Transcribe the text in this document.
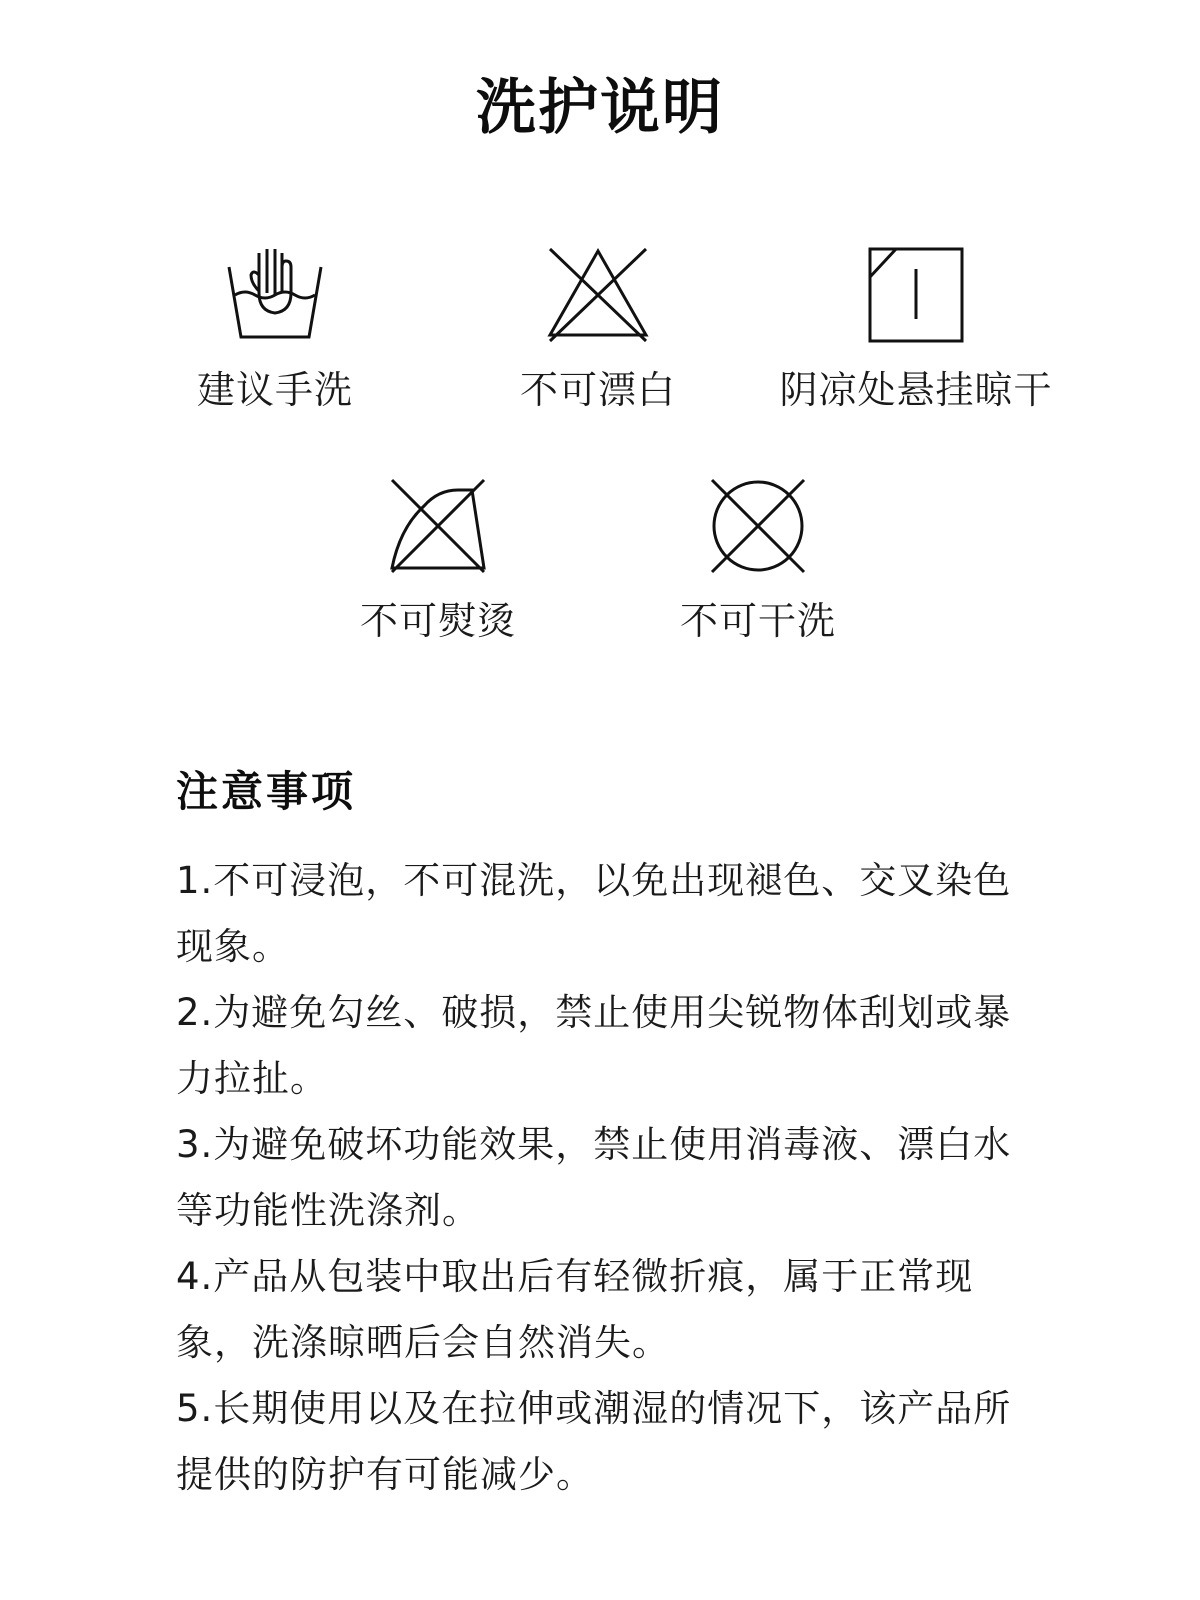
洗护说明
建议手洗	不可漂白	阴凉处悬挂晾干
不可熨烫	不可干洗
注意事项
1.不可浸泡，不可混洗，以免出现褪色、交叉染色现象。
2.为避免勾丝、破损，禁止使用尖锐物体刮划或暴力拉扯。
3.为避免破坏功能效果，禁止使用消毒液、漂白水等功能性洗涤剂。
4.产品从包装中取出后有轻微折痕，属于正常现象，洗涤晾晒后会自然消失。
5.长期使用以及在拉伸或潮湿的情况下，该产品所提供的防护有可能减少。
